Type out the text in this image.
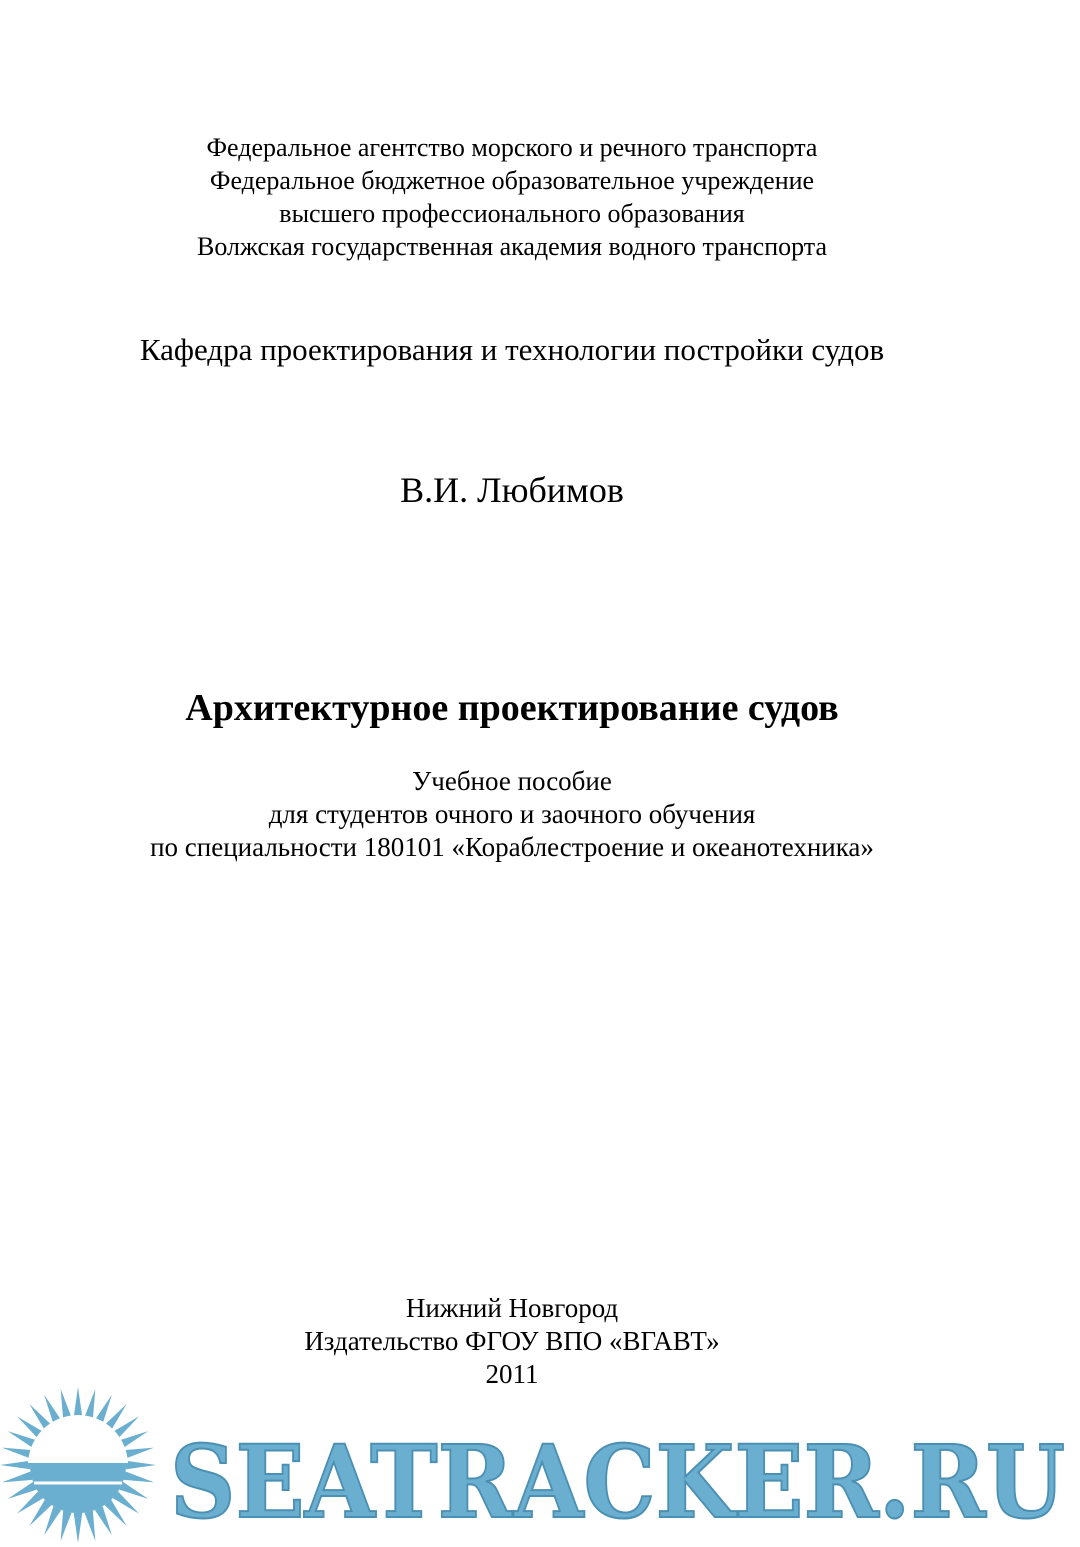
Федеральное агентство морского и речного транспорта
Федеральное бюджетное образовательное учреждение
высшего профессионального образования
Волжская государственная академия водного транспорта
Кафедра проектирования и технологии постройки судов
В.И. Любимов
Архитектурное проектирование судов
Учебное пособие
для студентов очного и заочного обучения
по специальности 180101 «Кораблестроение и океанотехника»
Нижний Новгород
Издательство ФГОУ ВПО «ВГАВТ»
2011
SEATRACKER.RU
